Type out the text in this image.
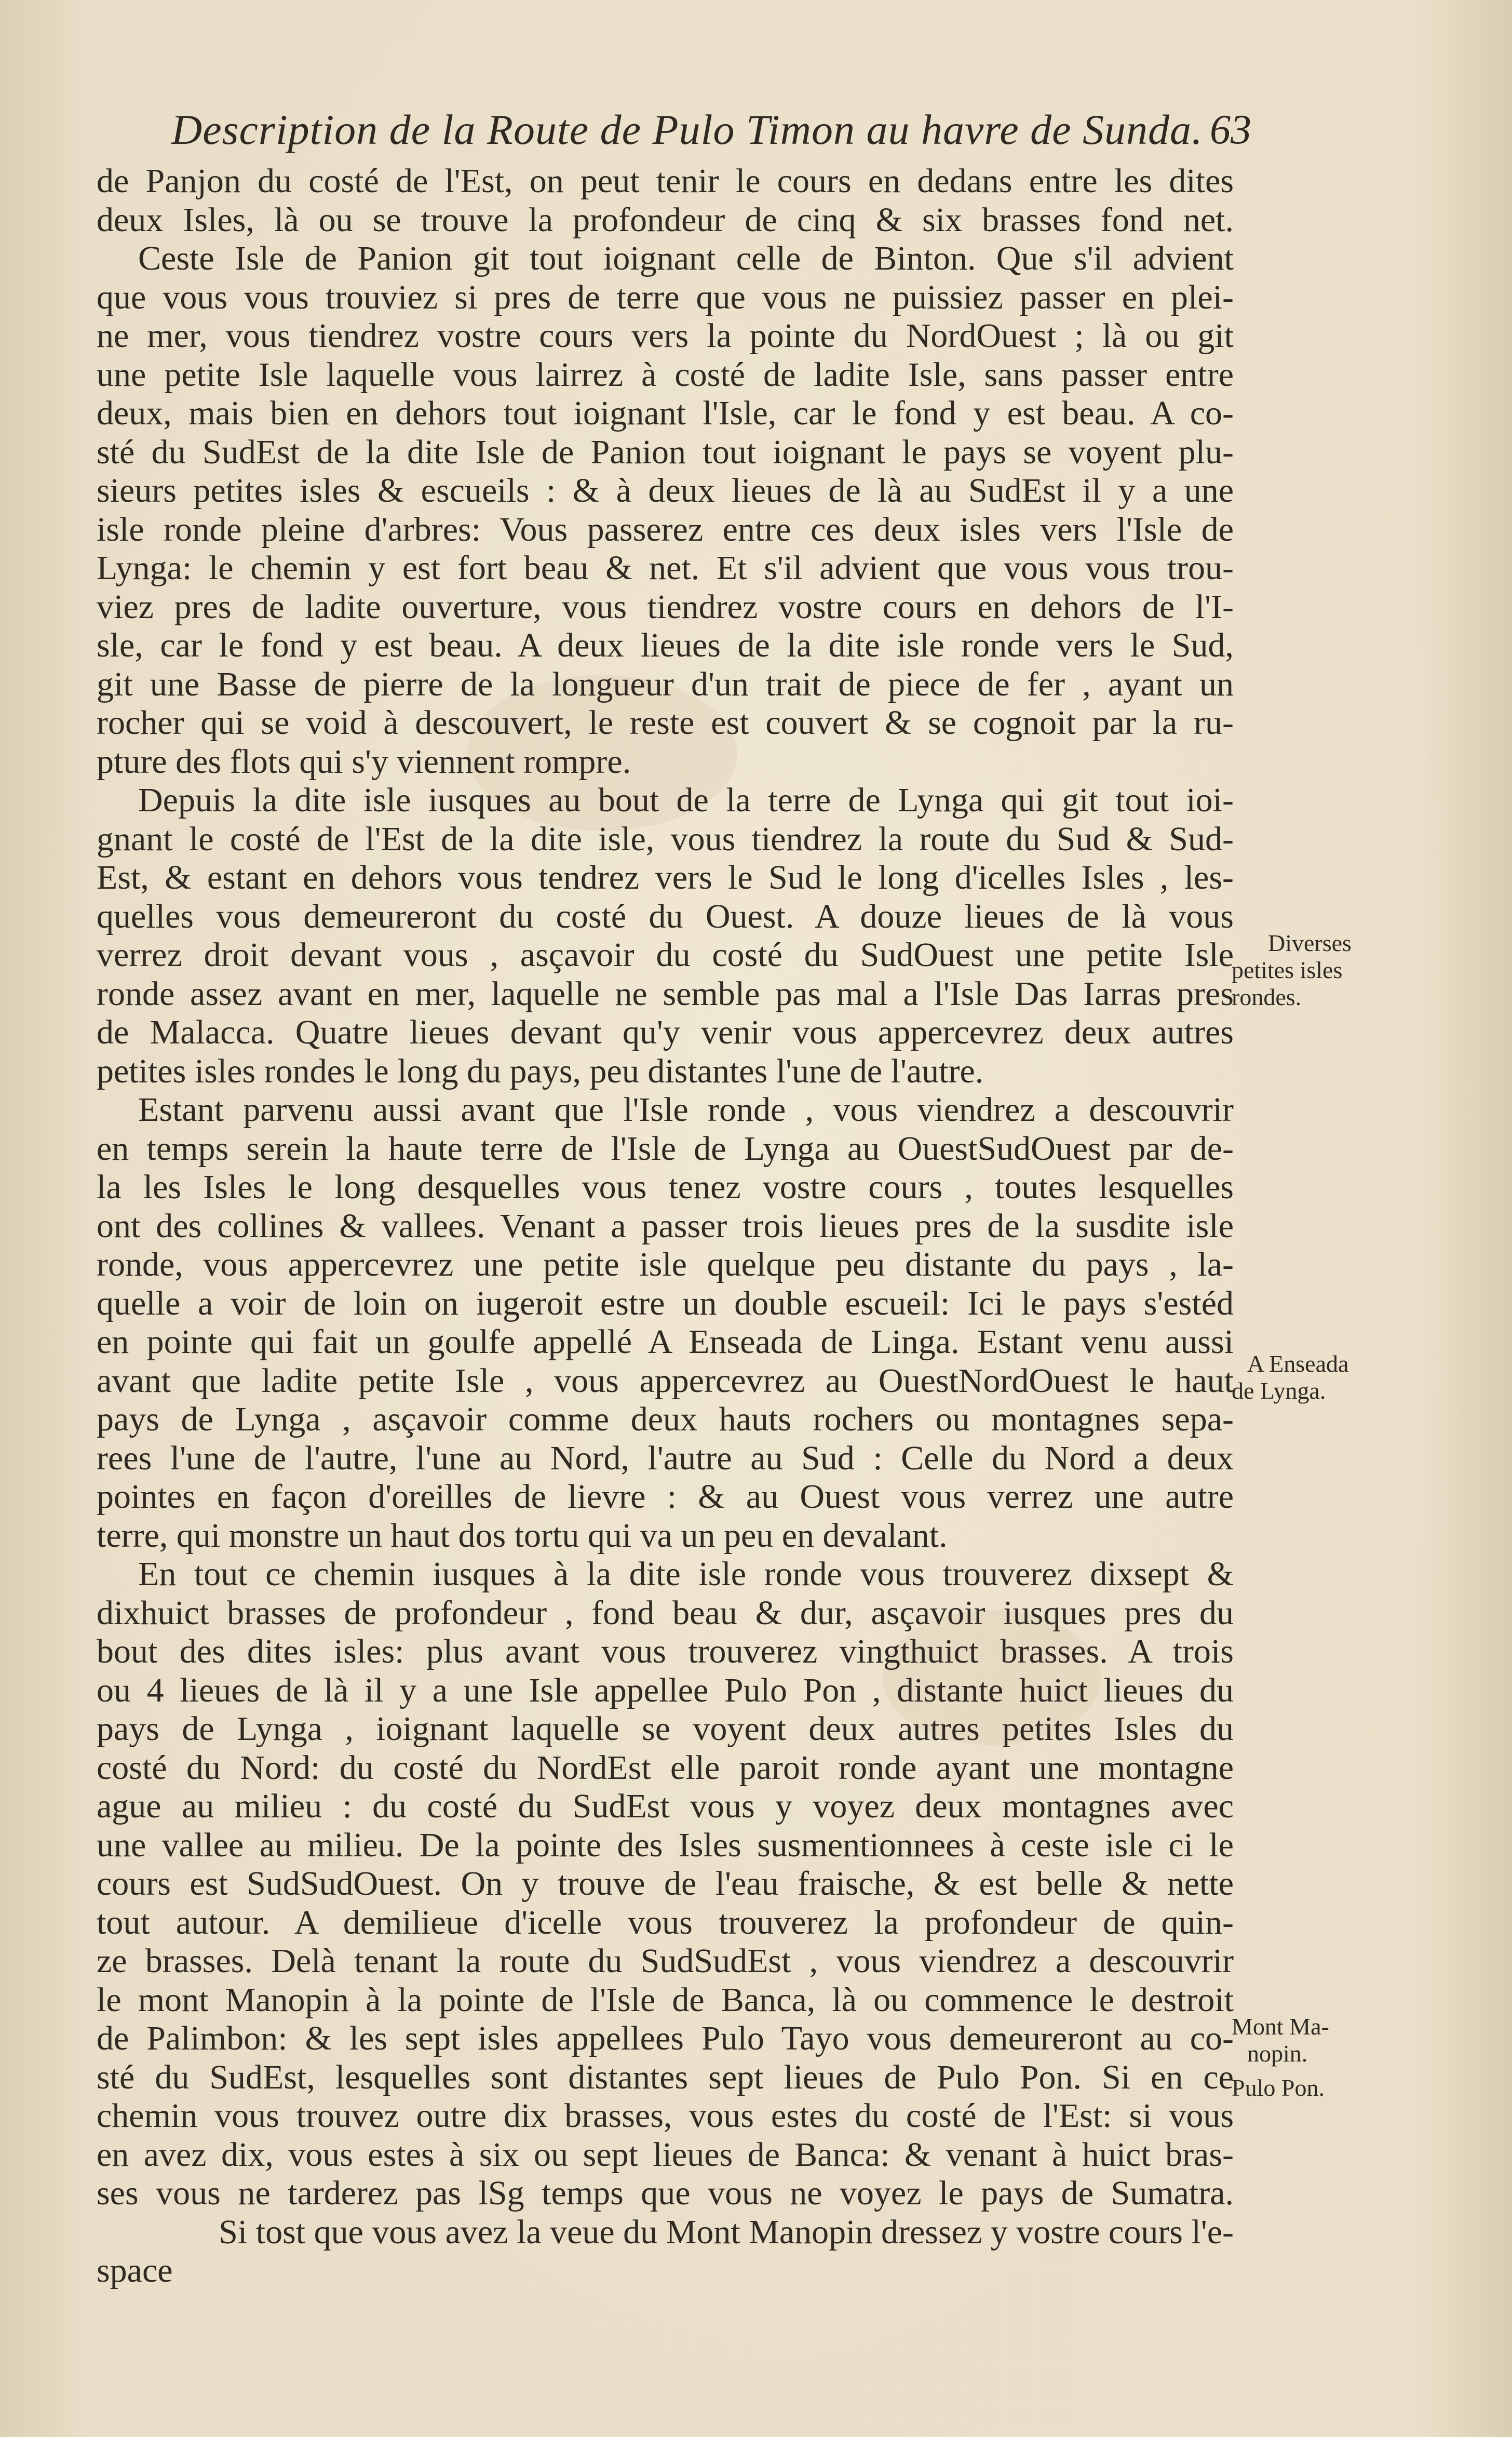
Description de la Route de Pulo Timon au havre de Sunda. 63
de Panjon du costé de l'Est, on peut tenir le cours en dedans entre les dites
deux Isles, là ou se trouve la profondeur de cinq & six brasses fond net.
Ceste Isle de Panion git tout ioignant celle de Binton. Que s'il advient
que vous vous trouviez si pres de terre que vous ne puissiez passer en plei-
ne mer, vous tiendrez vostre cours vers la pointe du NordOuest ; là ou git
une petite Isle laquelle vous lairrez à costé de ladite Isle, sans passer entre
deux, mais bien en dehors tout ioignant l'Isle, car le fond y est beau. A co-
sté du SudEst de la dite Isle de Panion tout ioignant le pays se voyent plu-
sieurs petites isles & escueils : & à deux lieues de là au SudEst il y a une
isle ronde pleine d'arbres: Vous passerez entre ces deux isles vers l'Isle de
Lynga: le chemin y est fort beau & net. Et s'il advient que vous vous trou-
viez pres de ladite ouverture, vous tiendrez vostre cours en dehors de l'I-
sle, car le fond y est beau. A deux lieues de la dite isle ronde vers le Sud,
git une Basse de pierre de la longueur d'un trait de piece de fer , ayant un
rocher qui se void à descouvert, le reste est couvert & se cognoit par la ru-
pture des flots qui s'y viennent rompre.
Depuis la dite isle iusques au bout de la terre de Lynga qui git tout ioi-
gnant le costé de l'Est de la dite isle, vous tiendrez la route du Sud & Sud-
Est, & estant en dehors vous tendrez vers le Sud le long d'icelles Isles , les-
quelles vous demeureront du costé du Ouest. A douze lieues de là vous
verrez droit devant vous , asçavoir du costé du SudOuest une petite Isle
ronde assez avant en mer, laquelle ne semble pas mal a l'Isle Das Iarras pres
de Malacca. Quatre lieues devant qu'y venir vous appercevrez deux autres
petites isles rondes le long du pays, peu distantes l'une de l'autre.
Estant parvenu aussi avant que l'Isle ronde , vous viendrez a descouvrir
en temps serein la haute terre de l'Isle de Lynga au OuestSudOuest par de-
la les Isles le long desquelles vous tenez vostre cours , toutes lesquelles
ont des collines & vallees. Venant a passer trois lieues pres de la susdite isle
ronde, vous appercevrez une petite isle quelque peu distante du pays , la-
quelle a voir de loin on iugeroit estre un double escueil: Ici le pays s'estéd
en pointe qui fait un goulfe appellé A Enseada de Linga. Estant venu aussi
avant que ladite petite Isle , vous appercevrez au OuestNordOuest le haut
pays de Lynga , asçavoir comme deux hauts rochers ou montagnes sepa-
rees l'une de l'autre, l'une au Nord, l'autre au Sud : Celle du Nord a deux
pointes en façon d'oreilles de lievre : & au Ouest vous verrez une autre
terre, qui monstre un haut dos tortu qui va un peu en devalant.
En tout ce chemin iusques à la dite isle ronde vous trouverez dixsept &
dixhuict brasses de profondeur , fond beau & dur, asçavoir iusques pres du
bout des dites isles: plus avant vous trouverez vingthuict brasses. A trois
ou 4 lieues de là il y a une Isle appellee Pulo Pon , distante huict lieues du
pays de Lynga , ioignant laquelle se voyent deux autres petites Isles du
costé du Nord: du costé du NordEst elle paroit ronde ayant une montagne
ague au milieu : du costé du SudEst vous y voyez deux montagnes avec
une vallee au milieu. De la pointe des Isles susmentionnees à ceste isle ci le
cours est SudSudOuest. On y trouve de l'eau fraische, & est belle & nette
tout autour. A demilieue d'icelle vous trouverez la profondeur de quin-
ze brasses. Delà tenant la route du SudSudEst , vous viendrez a descouvrir
le mont Manopin à la pointe de l'Isle de Banca, là ou commence le destroit
de Palimbon: & les sept isles appellees Pulo Tayo vous demeureront au co-
sté du SudEst, lesquelles sont distantes sept lieues de Pulo Pon. Si en ce
chemin vous trouvez outre dix brasses, vous estes du costé de l'Est: si vous
en avez dix, vous estes à six ou sept lieues de Banca: & venant à huict bras-
ses vous ne tarderez pas lSg temps que vous ne voyez le pays de Sumatra.
Si tost que vous avez la veue du Mont Manopin dressez y vostre cours l'e-
space
Diverses
petites isles
rondes.
A Enseada
de Lynga.
Mont Ma-
nopin.
Pulo Pon.
